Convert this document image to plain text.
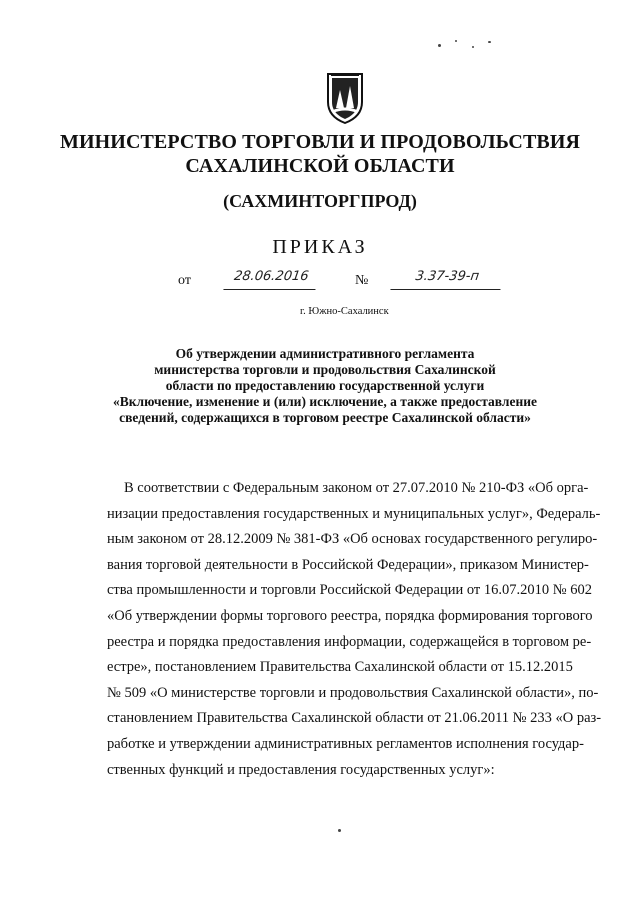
МИНИСТЕРСТВО ТОРГОВЛИ И ПРОДОВОЛЬСТВИЯ
САХАЛИНСКОЙ ОБЛАСТИ
(САХМИНТОРГПРОД)
ПРИКАЗ
от	28.06.2016	№	3.37-39-п
г. Южно-Сахалинск
Об утверждении административного регламента
министерства торговли и продовольствия Сахалинской
области по предоставлению государственной услуги
«Включение, изменение и (или) исключение, а также предоставление
сведений, содержащихся в торговом реестре Сахалинской области»
В соответствии с Федеральным законом от 27.07.2010 № 210-ФЗ «Об орга-
низации предоставления государственных и муниципальных услуг», Федераль-
ным законом от 28.12.2009 № 381-ФЗ «Об основах государственного регулиро-
вания торговой деятельности в Российской Федерации», приказом Министер-
ства промышленности и торговли Российской Федерации от 16.07.2010 № 602
«Об утверждении формы торгового реестра, порядка формирования торгового
реестра и порядка предоставления информации, содержащейся в торговом ре-
естре», постановлением Правительства Сахалинской области от 15.12.2015
№ 509 «О министерстве торговли и продовольствия Сахалинской области», по-
становлением Правительства Сахалинской области от 21.06.2011 № 233 «О раз-
работке и утверждении административных регламентов исполнения государ-
ственных функций и предоставления государственных услуг»:
